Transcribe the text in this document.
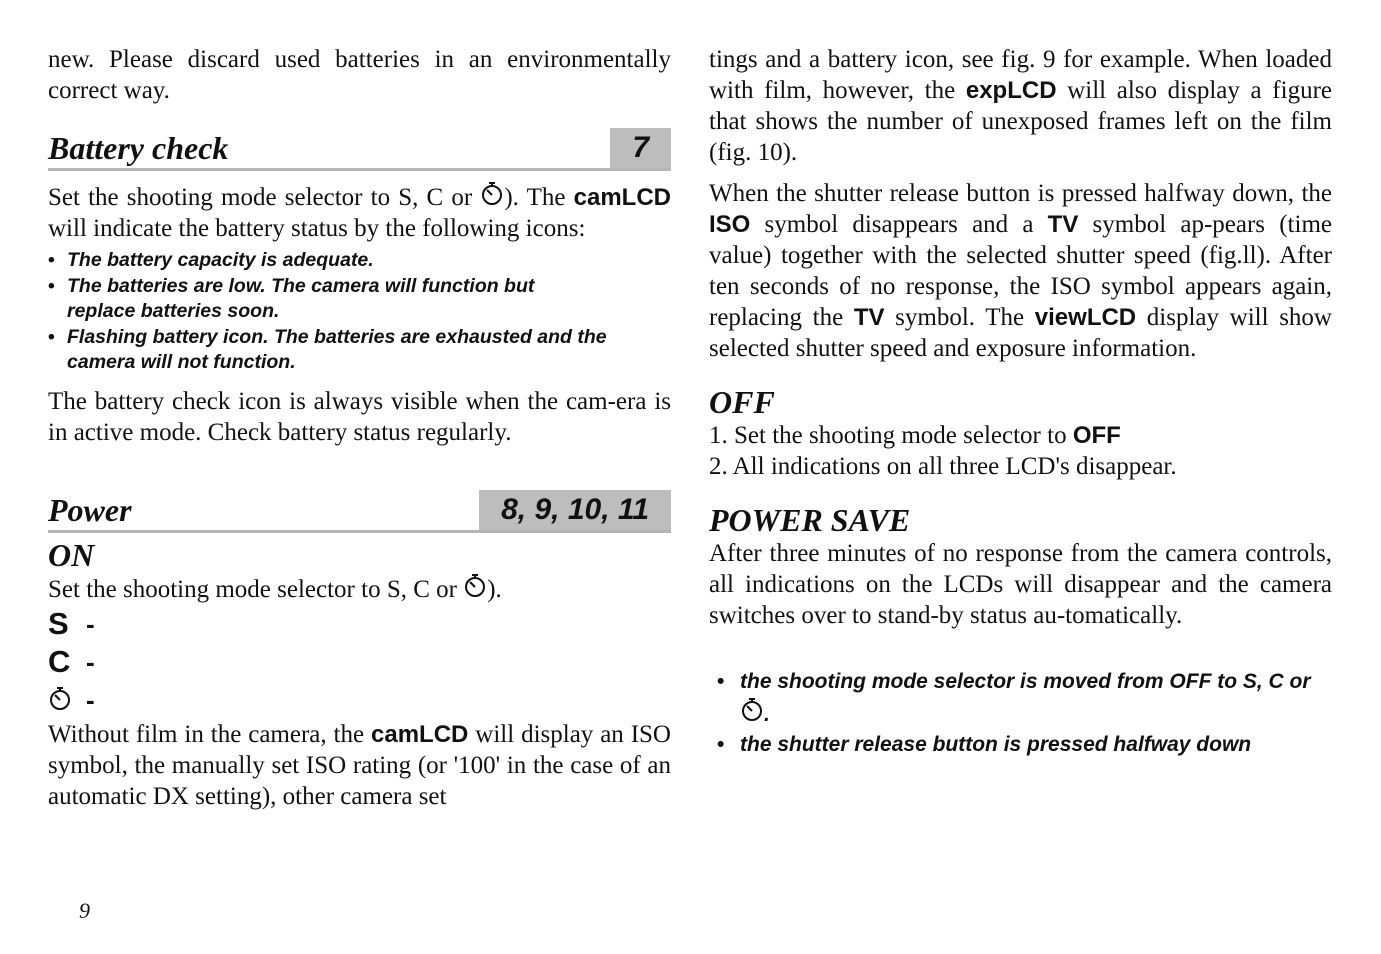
new. Please discard used batteries in an environmentally correct way.

Battery check	7

Set the shooting mode selector to S, C or
). The camLCD will indicate the battery status by the following icons:

• The battery capacity is adequate.
• The batteries are low. The camera will function but replace batteries soon.
• Flashing battery icon. The batteries are exhausted and the camera will not function.

The battery check icon is always visible when the cam-era is in active mode. Check battery status regularly.

Power	8, 9, 10, 11

ON

Set the shooting mode selector to S, C or
).

S -
C -
-

Without film in the camera, the camLCD will display an ISO symbol, the manually set ISO rating (or '100' in the case of an automatic DX setting), other camera set

tings and a battery icon, see fig. 9 for example. When loaded with film, however, the expLCD will also display a figure that shows the number of unexposed frames left on the film (fig. 10).

When the shutter release button is pressed halfway down, the ISO symbol disappears and a TV symbol ap-pears (time value) together with the selected shutter speed (fig.ll). After ten seconds of no response, the ISO symbol appears again, replacing the TV symbol. The viewLCD display will show selected shutter speed and exposure information.

OFF

1. Set the shooting mode selector to OFF

2. All indications on all three LCD's disappear.

POWER SAVE

After three minutes of no response from the camera controls, all indications on the LCDs will disappear and the camera switches over to stand-by status au-tomatically.

• the shooting mode selector is moved from OFF to S, C or
.
• the shutter release button is pressed halfway down
9
